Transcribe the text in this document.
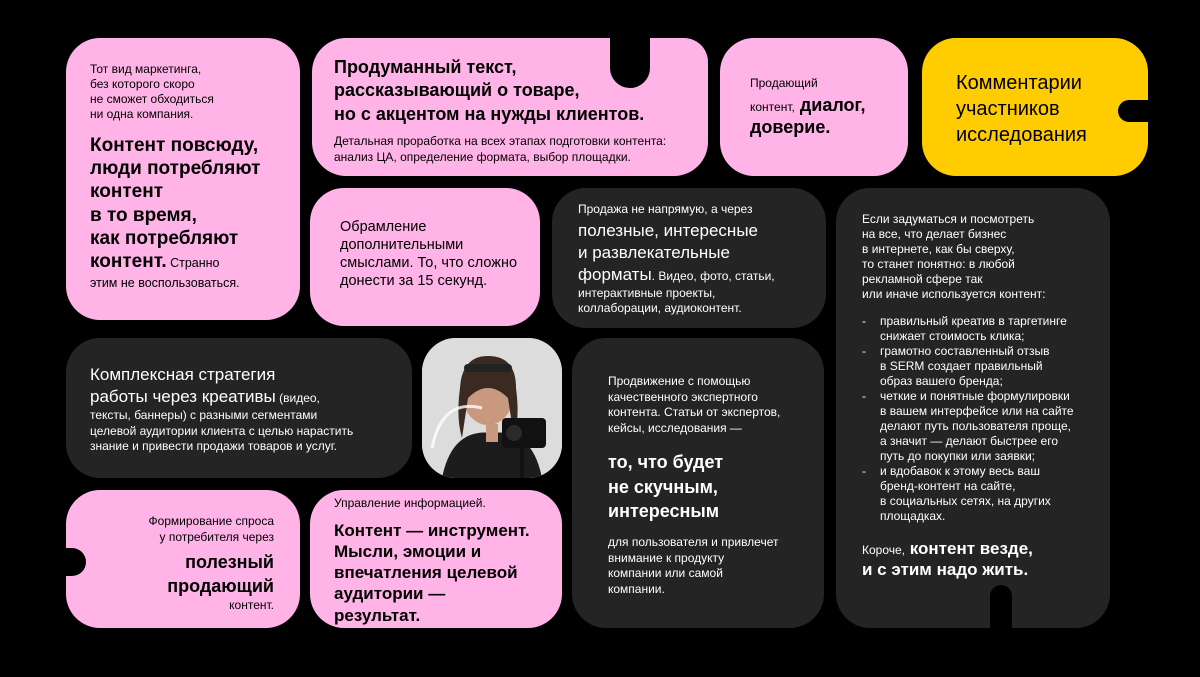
Тот вид маркетинга,
без которого скоро
не сможет обходиться
ни одна компания.
Контент повсюду,
люди потребляют
контент
в то время,
как потребляют
контент. Странно
этим не воспользоваться.
Продуманный текст,
рассказывающий о товаре,
но с акцентом на нужды клиентов.
Детальная проработка на всех этапах подготовки контента:
анализ ЦА, определение формата, выбор площадки.
Продающий
контент, диалог,
доверие.
Комментарии
участников
исследования
Обрамление
дополнительными
смыслами. То, что сложно
донести за 15 секунд.
Продажа не напрямую, а через
полезные, интересные
и развлекательные
форматы. Видео, фото, статьи,
интерактивные проекты,
коллаборации, аудиоконтент.
Если задуматься и посмотреть
на все, что делает бизнес
в интернете, как бы сверху,
то станет понятно: в любой
рекламной сфере так
или иначе используется контент:
-	правильный креатив в таргетинге
снижает стоимость клика;
-	грамотно составленный отзыв
в SERM создает правильный
образ вашего бренда;
-	четкие и понятные формулировки
в вашем интерфейсе или на сайте
делают путь пользователя проще,
а значит — делают быстрее его
путь до покупки или заявки;
-	и вдобавок к этому весь ваш
бренд-контент на сайте,
в социальных сетях, на других
площадках.
Короче, контент везде,
и с этим надо жить.
Комплексная стратегия
работы через креативы (видео,
тексты, баннеры) с разными сегментами
целевой аудитории клиента с целью нарастить
знание и привести продажи товаров и услуг.
Продвижение с помощью
качественного экспертного
контента. Статьи от экспертов,
кейсы, исследования —
то, что будет
не скучным,
интересным
для пользователя и привлечет
внимание к продукту
компании или самой
компании.
Формирование спроса
у потребителя через
полезный
продающий
контент.
Управление информацией.
Контент — инструмент.
Мысли, эмоции и
впечатления целевой
аудитории —
результат.
